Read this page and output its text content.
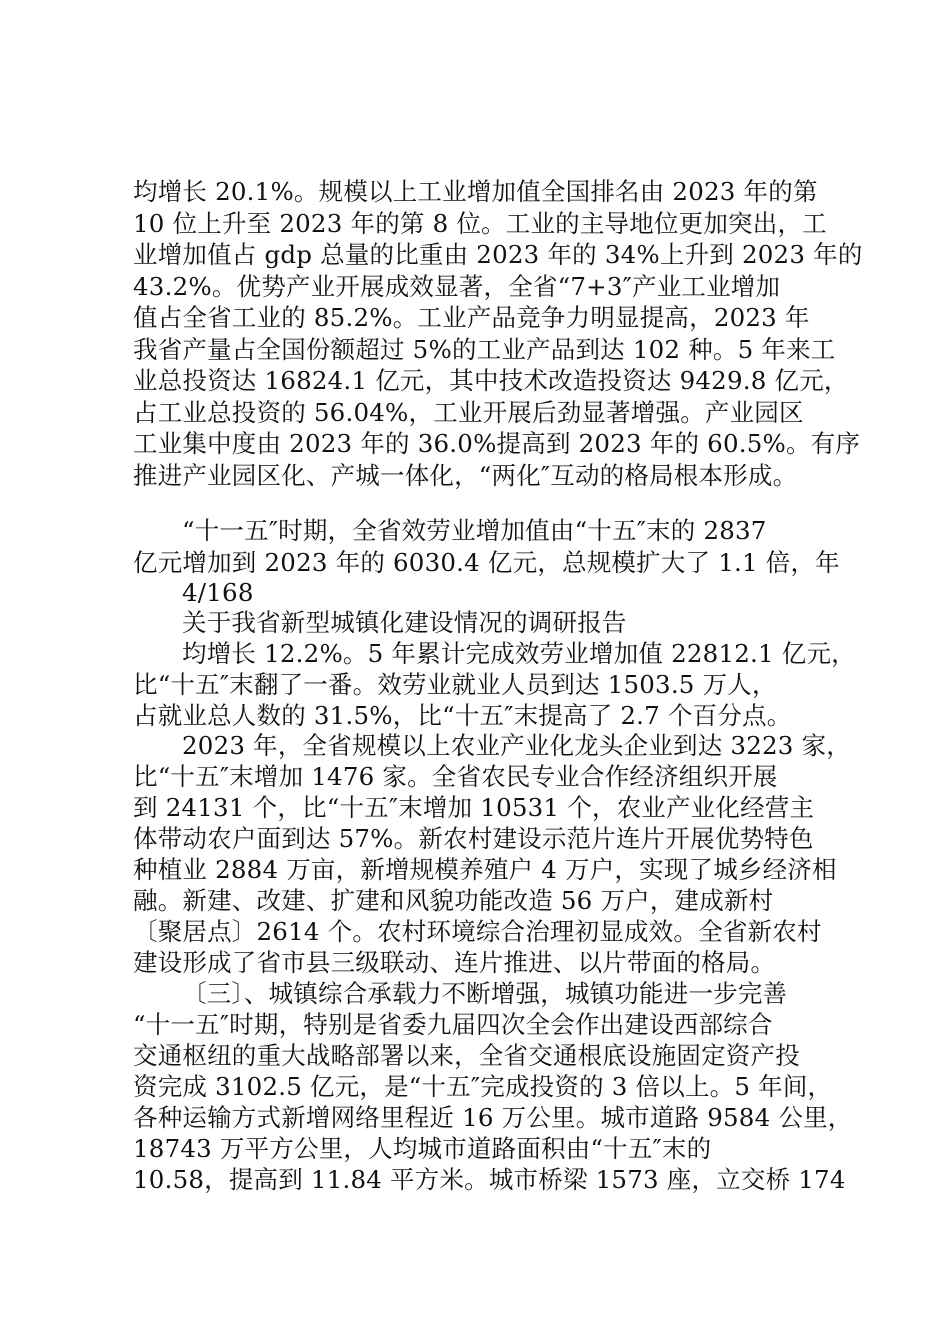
均增长 20.1%。规模以上工业增加值全国排名由 2023 年的第
10 位上升至 2023 年的第 8 位。工业的主导地位更加突出，工
业增加值占 gdp 总量的比重由 2023 年的 34%上升到 2023 年的
43.2%。优势产业开展成效显著，全省“7+3″产业工业增加
值占全省工业的 85.2%。工业产品竞争力明显提高，2023 年
我省产量占全国份额超过 5%的工业产品到达 102 种。5 年来工
业总投资达 16824.1 亿元，其中技术改造投资达 9429.8 亿元，
占工业总投资的 56.04%，工业开展后劲显著增强。产业园区
工业集中度由 2023 年的 36.0%提高到 2023 年的 60.5%。有序
推进产业园区化、产城一体化，“两化″互动的格局根本形成。
“十一五″时期，全省效劳业增加值由“十五″末的 2837
亿元增加到 2023 年的 6030.4 亿元，总规模扩大了 1.1 倍，年
4/168
关于我省新型城镇化建设情况的调研报告
均增长 12.2%。5 年累计完成效劳业增加值 22812.1 亿元，
比“十五″末翻了一番。效劳业就业人员到达 1503.5 万人，
占就业总人数的 31.5%，比“十五″末提高了 2.7 个百分点。
2023 年，全省规模以上农业产业化龙头企业到达 3223 家，
比“十五″末增加 1476 家。全省农民专业合作经济组织开展
到 24131 个，比“十五″末增加 10531 个，农业产业化经营主
体带动农户面到达 57%。新农村建设示范片连片开展优势特色
种植业 2884 万亩，新增规模养殖户 4 万户，实现了城乡经济相
融。新建、改建、扩建和风貌功能改造 56 万户，建成新村
〔聚居点〕2614 个。农村环境综合治理初显成效。全省新农村
建设形成了省市县三级联动、连片推进、以片带面的格局。
〔三〕、城镇综合承载力不断增强，城镇功能进一步完善
“十一五″时期，特别是省委九届四次全会作出建设西部综合
交通枢纽的重大战略部署以来，全省交通根底设施固定资产投
资完成 3102.5 亿元，是“十五″完成投资的 3 倍以上。5 年间，
各种运输方式新增网络里程近 16 万公里。城市道路 9584 公里，
18743 万平方公里，人均城市道路面积由“十五″末的
10.58，提高到 11.84 平方米。城市桥梁 1573 座，立交桥 174
